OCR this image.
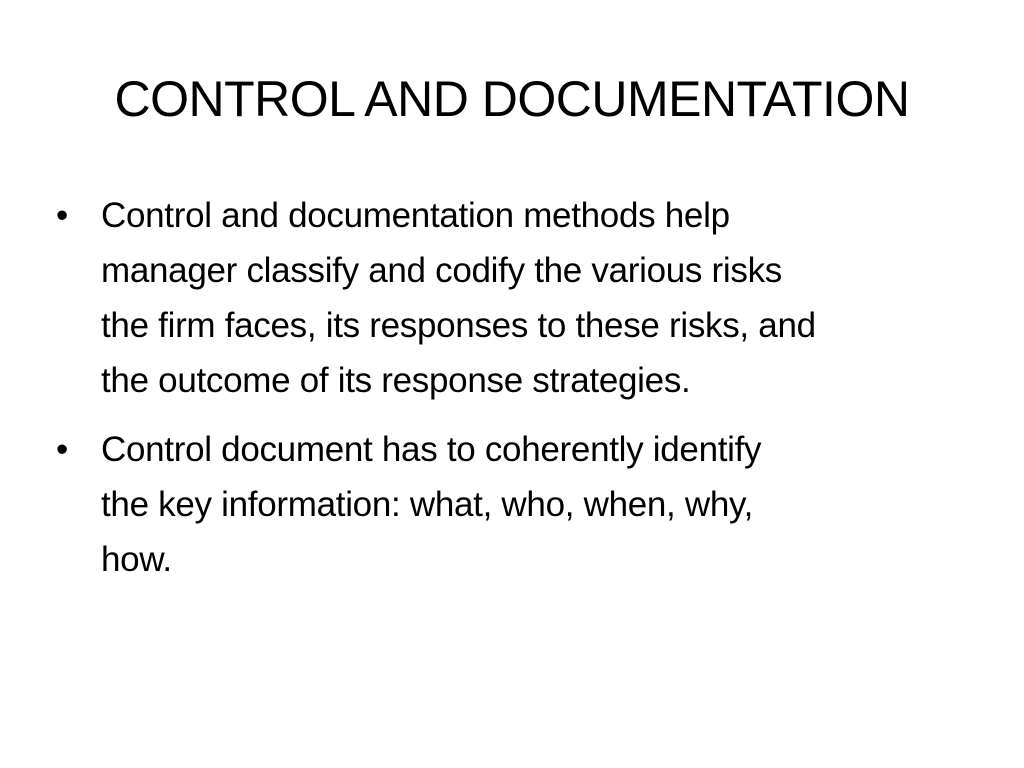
CONTROL AND DOCUMENTATION
• Control and documentation methods help
manager classify and codify the various risks
the firm faces, its responses to these risks, and
the outcome of its response strategies.
• Control document has to coherently identify
the key information: what, who, when, why,
how.
